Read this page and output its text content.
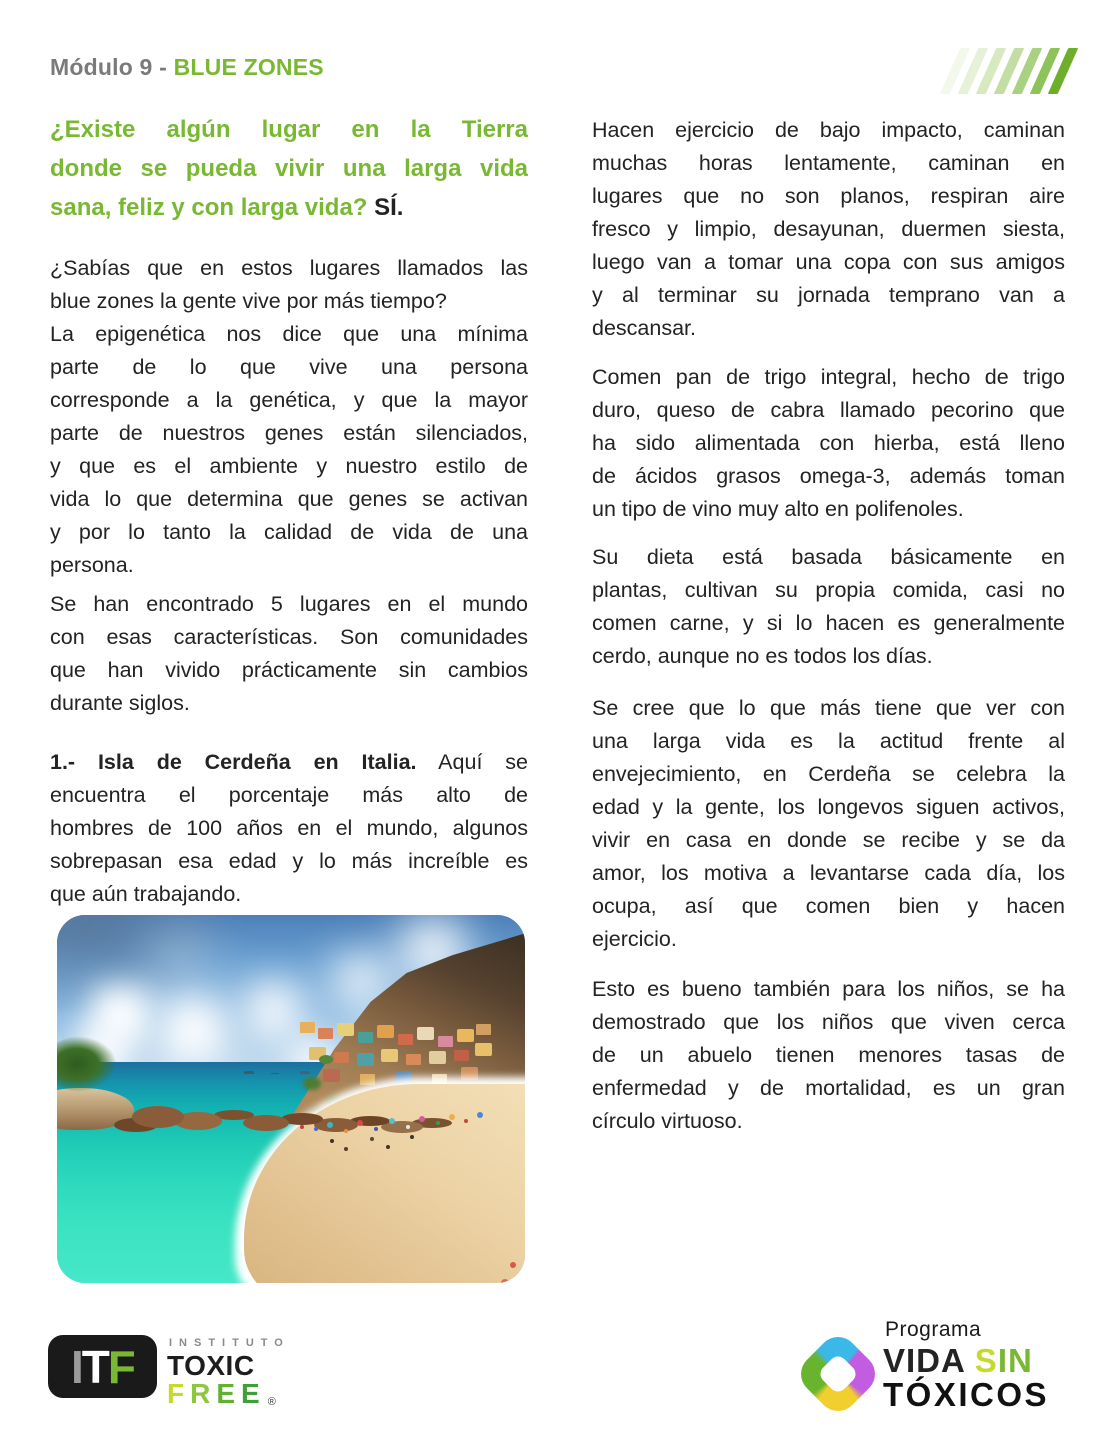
Módulo 9 - BLUE ZONES
¿Existe algún lugar en la Tierra
donde se pueda vivir una larga vida
sana, feliz y con larga vida? SÍ.
¿Sabías que en estos lugares llamados las
blue zones la gente vive por más tiempo?
La epigenética nos dice que una mínima
parte de lo que vive una persona
corresponde a la genética, y que la mayor
parte de nuestros genes están silenciados,
y que es el ambiente y nuestro estilo de
vida lo que determina que genes se activan
y por lo tanto la calidad de vida de una
persona.
Se han encontrado 5 lugares en el mundo
con esas características. Son comunidades
que han vivido prácticamente sin cambios
durante siglos.
1.- Isla de Cerdeña en Italia. Aquí se
encuentra el porcentaje más alto de
hombres de 100 años en el mundo, algunos
sobrepasan esa edad y lo más increíble es
que aún trabajando.
Hacen ejercicio de bajo impacto, caminan
muchas horas lentamente, caminan en
lugares que no son planos, respiran aire
fresco y limpio, desayunan, duermen siesta,
luego van a tomar una copa con sus amigos
y al terminar su jornada temprano van a
descansar.
Comen pan de trigo integral, hecho de trigo
duro, queso de cabra llamado pecorino que
ha sido alimentada con hierba, está lleno
de ácidos grasos omega-3, además toman
un tipo de vino muy alto en polifenoles.
Su dieta está basada básicamente en
plantas, cultivan su propia comida, casi no
comen carne, y si lo hacen es generalmente
cerdo, aunque no es todos los días.
Se cree que lo que más tiene que ver con
una larga vida es la actitud frente al
envejecimiento, en Cerdeña se celebra la
edad y la gente, los longevos siguen activos,
vivir en casa en donde se recibe y se da
amor, los motiva a levantarse cada día, los
ocupa, así que comen bien y hacen
ejercicio.
Esto es bueno también para los niños, se ha
demostrado que los niños que viven cerca
de un abuelo tienen menores tasas de
enfermedad y de mortalidad, es un gran
círculo virtuoso.
ITF	INSTITUTO
TOXIC
FREE ®
Programa
VIDA SIN
TÓXICOS
